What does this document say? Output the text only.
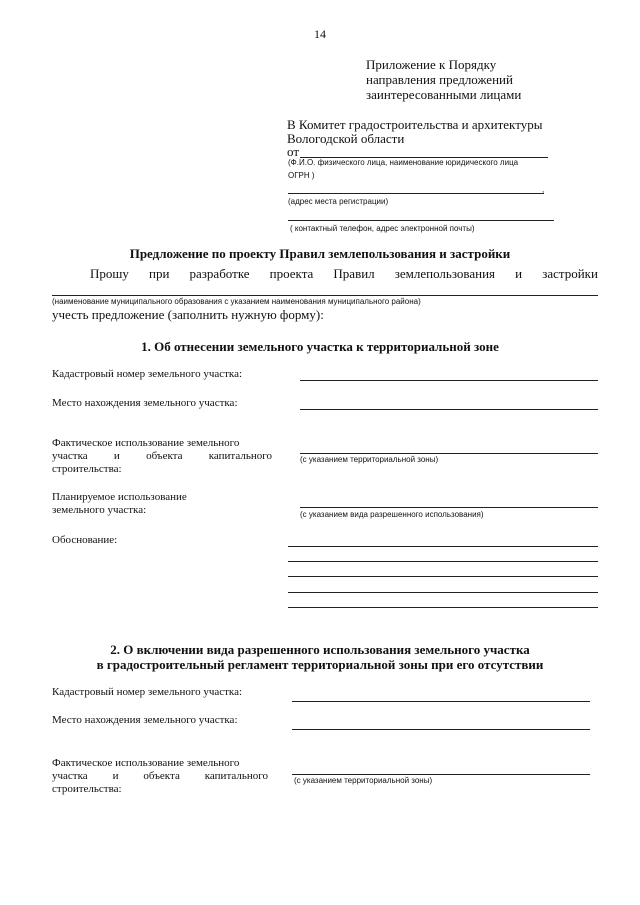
14
Приложение к Порядку
направления предложений
заинтересованными лицами
В Комитет градостроительства и архитектуры
Вологодской области
от
(Ф.И.О. физического лица, наименование юридического лица
ОГРН )
,
(адрес места регистрации)
( контактный телефон, адрес электронной почты)
Предложение по проекту Правил землепользования и застройки
Прошу при разработке проекта Правил землепользования и застройки
(наименование муниципального образования с указанием наименования муниципального района)
учесть предложение (заполнить нужную форму):
1. Об отнесении земельного участка к территориальной зоне
Кадастровый номер земельного участка:
Место нахождения земельного участка:
Фактическое использование земельного
участка и объекта капитального
строительства:
(с указанием территориальной зоны)
Планируемое использование
земельного участка:	(с указанием вида разрешенного использования)
Обоснование:
2. О включении вида разрешенного использования земельного участка
в градостроительный регламент территориальной зоны при его отсутствии
Кадастровый номер земельного участка:
Место нахождения земельного участка:
Фактическое использование земельного
участка и объекта капитального
строительства:
(с указанием территориальной зоны)
